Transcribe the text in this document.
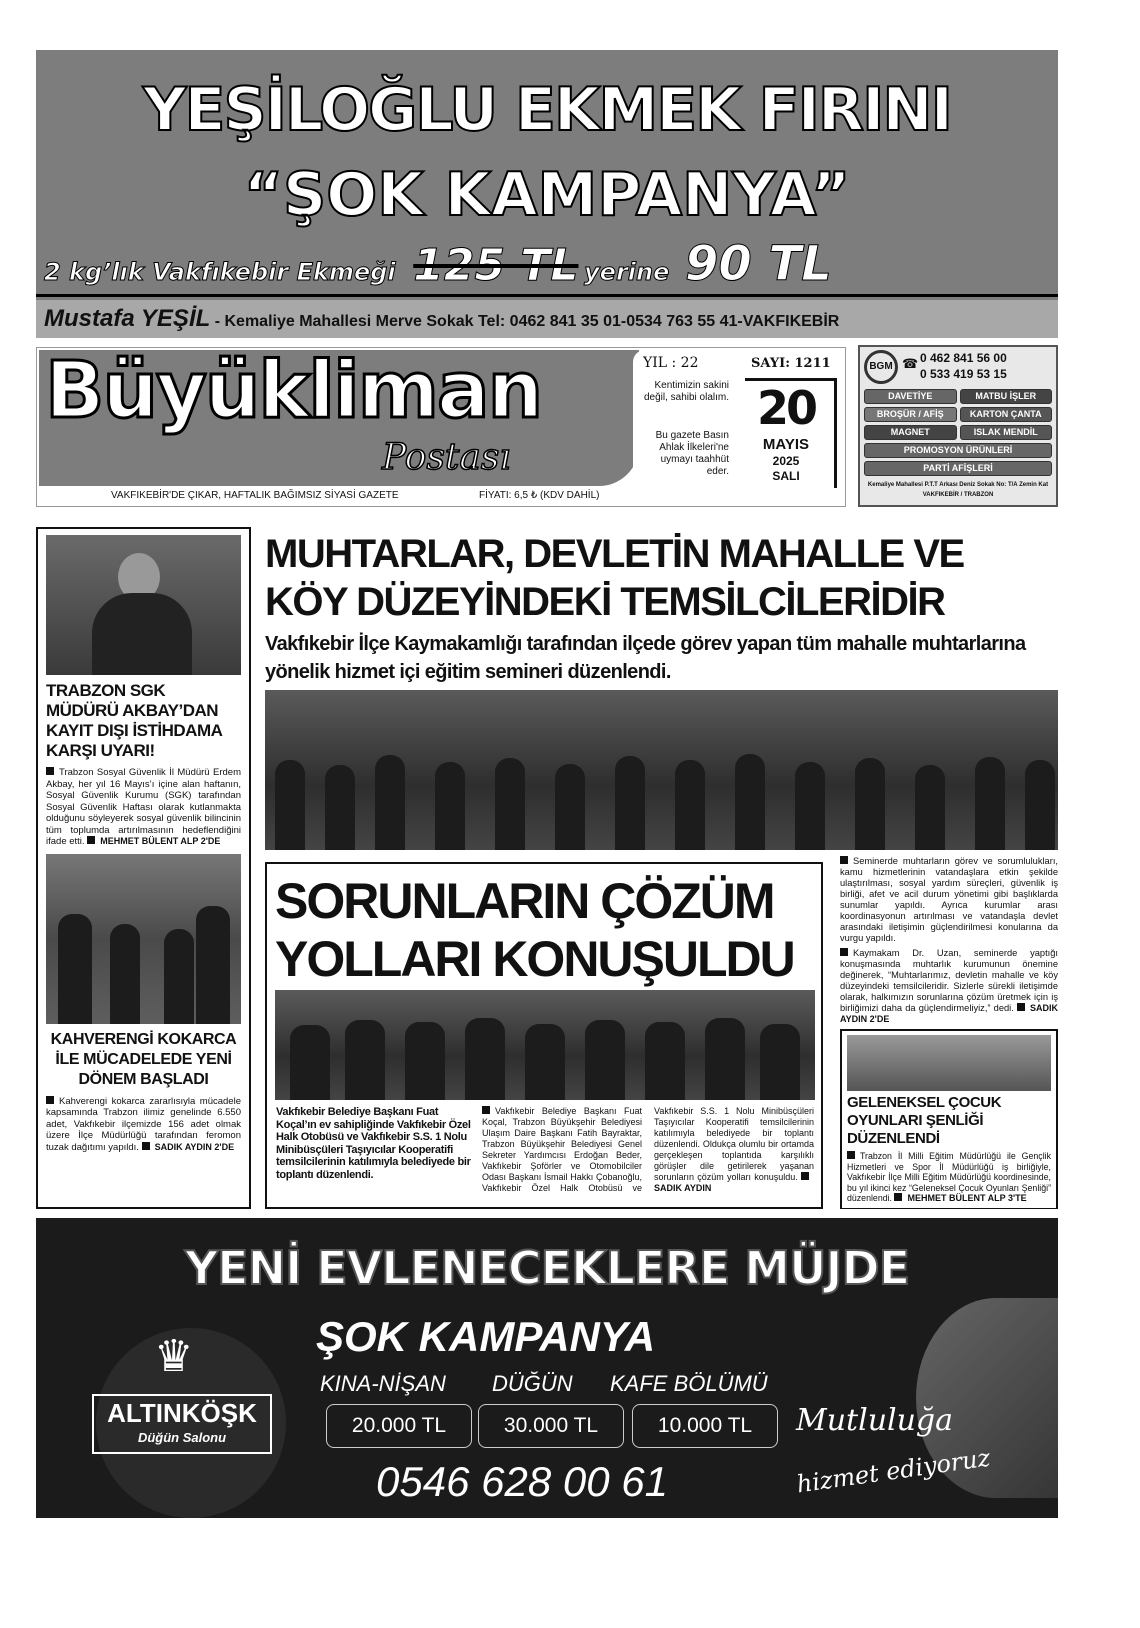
YEŞİLOĞLU EKMEK FIRINI
“ŞOK KAMPANYA”
2 kg’lık Vakfıkebir Ekmeği 125 TL yerine 90 TL
Mustafa YEŞİL - Kemaliye Mahallesi Merve Sokak Tel: 0462 841 35 01-0534 763 55 41-VAKFIKEBİR
Büyükliman
Postası
VAKFIKEBİR'DE ÇIKAR, HAFTALIK BAĞIMSIZ SİYASİ GAZETE	FİYATI: 6,5 ₺ (KDV DAHİL)
YIL : 22	SAYI: 1211
Kentimizin sakini değil, sahibi olalım.
Bu gazete Basın Ahlak İlkeleri'ne uymayı taahhüt eder.
20
MAYIS
2025
SALI
BGM ☎ 0 462 841 56 00
0 533 419 53 15
DAVETİYE	MATBU İŞLER
BROŞÜR / AFİŞ	KARTON ÇANTA
MAGNET	ISLAK MENDİL
PROMOSYON ÜRÜNLERİ
PARTİ AFİŞLERİ
Kemaliye Mahallesi P.T.T Arkası Deniz Sokak No: T/A Zemin Kat
VAKFIKEBİR / TRABZON
TRABZON SGK MÜDÜRÜ AKBAY’DAN KAYIT DIŞI İSTİHDAMA KARŞI UYARI!
Trabzon Sosyal Güvenlik İl Müdürü Erdem Akbay, her yıl 16 Mayıs’ı içine alan haftanın, Sosyal Güvenlik Kurumu (SGK) tarafından Sosyal Güvenlik Haftası olarak kutlanmakta olduğunu söyleyerek sosyal güvenlik bilincinin tüm toplumda artırılmasının hedeflendiğini ifade etti. MEHMET BÜLENT ALP 2'DE
KAHVERENGİ KOKARCA İLE MÜCADELEDE YENİ DÖNEM BAŞLADI
Kahverengi kokarca zararlısıyla mücadele kapsamında Trabzon ilimiz genelinde 6.550 adet, Vakfıkebir ilçemizde 156 adet olmak üzere İlçe Müdürlüğü tarafından feromon tuzak dağıtımı yapıldı. SADIK AYDIN 2'DE
MUHTARLAR, DEVLETİN MAHALLE VE
KÖY DÜZEYİNDEKİ TEMSİLCİLERİDİR
Vakfıkebir İlçe Kaymakamlığı tarafından ilçede görev yapan tüm mahalle muhtarlarına yönelik hizmet içi eğitim semineri düzenlendi.
Seminerde muhtarların görev ve sorumlulukları, kamu hizmetlerinin vatandaşlara etkin şekilde ulaştırılması, sosyal yardım süreçleri, güvenlik iş birliği, afet ve acil durum yönetimi gibi başlıklarda sunumlar yapıldı. Ayrıca kurumlar arası koordinasyonun artırılması ve vatandaşla devlet arasındaki iletişimin güçlendirilmesi konularına da vurgu yapıldı.
Kaymakam Dr. Uzan, seminerde yaptığı konuşmasında muhtarlık kurumunun önemine değinerek, “Muhtarlarımız, devletin mahalle ve köy düzeyindeki temsilcileridir. Sizlerle sürekli iletişimde olarak, halkımızın sorunlarına çözüm üretmek için iş birliğimizi daha da güçlendirmeliyiz,” dedi. SADIK AYDIN 2'DE
GELENEKSEL ÇOCUK OYUNLARI ŞENLİĞİ DÜZENLENDİ
Trabzon İl Milli Eğitim Müdürlüğü ile Gençlik Hizmetleri ve Spor İl Müdürlüğü iş birliğiyle, Vakfıkebir İlçe Milli Eğitim Müdürlüğü koordinesinde, bu yıl ikinci kez “Geleneksel Çocuk Oyunları Şenliği” düzenlendi. MEHMET BÜLENT ALP 3'TE
SORUNLARIN ÇÖZÜM
YOLLARI KONUŞULDU
Vakfıkebir Belediye Başkanı Fuat Koçal’ın ev sahipliğinde Vakfıkebir Özel Halk Otobüsü ve Vakfıkebir S.S. 1 Nolu Minibüsçüleri Taşıyıcılar Kooperatifi temsilcilerinin katılımıyla belediyede bir toplantı düzenlendi.
Vakfıkebir Belediye Başkanı Fuat Koçal, Trabzon Büyükşehir Belediyesi Ulaşım Daire Başkanı Fatih Bayraktar, Trabzon Büyükşehir Belediyesi Genel Sekreter Yardımcısı Erdoğan Beder, Vakfıkebir Şoförler ve Otomobilciler Odası Başkanı İsmail Hakkı Çobanoğlu, Vakfıkebir Özel Halk Otobüsü ve Vakfıkebir S.S. 1 Nolu Minibüsçüleri Taşıyıcılar Kooperatifi temsilcilerinin katılımıyla belediyede bir toplantı düzenlendi. Oldukça olumlu bir ortamda gerçekleşen toplantıda karşılıklı görüşler dile getirilerek yaşanan sorunların çözüm yolları konuşuldu. SADIK AYDIN
YENİ EVLENECEKLERE MÜJDE
ŞOK KAMPANYA
♛
ALTINKÖŞK
Düğün Salonu
KINA-NİŞAN DÜĞÜN KAFE BÖLÜMÜ
20.000 TL	30.000 TL	10.000 TL
0546 628 00 61
Mutluluğa
hizmet ediyoruz
